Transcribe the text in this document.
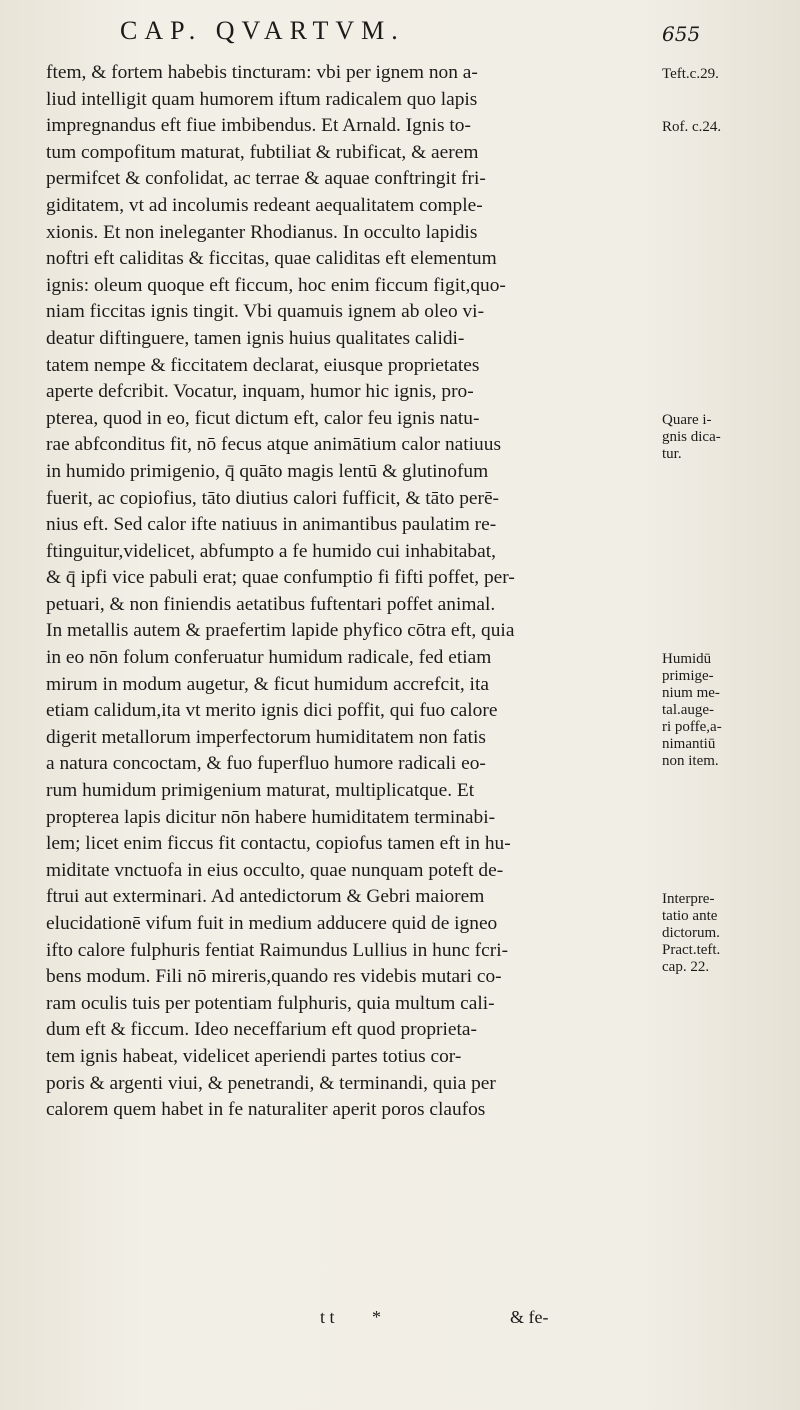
CAP. QVARTVM.	655
ftem, & fortem habebis tincturam: vbi per ignem non a-
liud intelligit quam humorem iftum radicalem quo lapis
impregnandus eft fiue imbibendus. Et Arnald. Ignis to-
tum compofitum maturat, fubtiliat & rubificat, & aerem
permifcet & confolidat, ac terrae & aquae conftringit fri-
giditatem, vt ad incolumis redeant aequalitatem comple-
xionis. Et non ineleganter Rhodianus. In occulto lapidis
noftri eft caliditas & ficcitas, quae caliditas eft elementum
ignis: oleum quoque eft ficcum, hoc enim ficcum figit,quo-
niam ficcitas ignis tingit. Vbi quamuis ignem ab oleo vi-
deatur diftinguere, tamen ignis huius qualitates calidi-
tatem nempe & ficcitatem declarat, eiusque proprietates
aperte defcribit. Vocatur, inquam, humor hic ignis, pro-
pterea, quod in eo, ficut dictum eft, calor feu ignis natu-
rae abfconditus fit, nō fecus atque animātium calor natiuus
in humido primigenio, q̄ quāto magis lentū & glutinofum
fuerit, ac copiofius, tāto diutius calori fufficit, & tāto perē-
nius eft. Sed calor ifte natiuus in animantibus paulatim re-
ftinguitur,videlicet, abfumpto a fe humido cui inhabitabat,
& q̄ ipfi vice pabuli erat; quae confumptio fi fifti poffet, per-
petuari, & non finiendis aetatibus fuftentari poffet animal.
In metallis autem & praefertim lapide phyfico cōtra eft, quia
in eo nōn folum conferuatur humidum radicale, fed etiam
mirum in modum augetur, & ficut humidum accrefcit, ita
etiam calidum,ita vt merito ignis dici poffit, qui fuo calore
digerit metallorum imperfectorum humiditatem non fatis
a natura concoctam, & fuo fuperfluo humore radicali eo-
rum humidum primigenium maturat, multiplicatque. Et
propterea lapis dicitur nōn habere humiditatem terminabi-
lem; licet enim ficcus fit contactu, copiofus tamen eft in hu-
miditate vnctuofa in eius occulto, quae nunquam poteft de-
ftrui aut exterminari. Ad antedictorum & Gebri maiorem
elucidationē vifum fuit in medium adducere quid de igneo
ifto calore fulphuris fentiat Raimundus Lullius in hunc fcri-
bens modum. Fili nō mireris,quando res videbis mutari co-
ram oculis tuis per potentiam fulphuris, quia multum cali-
dum eft & ficcum. Ideo neceffarium eft quod proprieta-
tem ignis habeat, videlicet aperiendi partes totius cor-
poris & argenti viui, & penetrandi, & terminandi, quia per
calorem quem habet in fe naturaliter aperit poros claufos
Teft.c.29.
Rof. c.24.
Quare i-
gnis dica-
tur.
Humidū
primige-
nium me-
tal.auge-
ri poffe,a-
nimantiū
non item.
Interpre-
tatio ante
dictorum.
Pract.teft.
cap. 22.
t t *	& fe-
